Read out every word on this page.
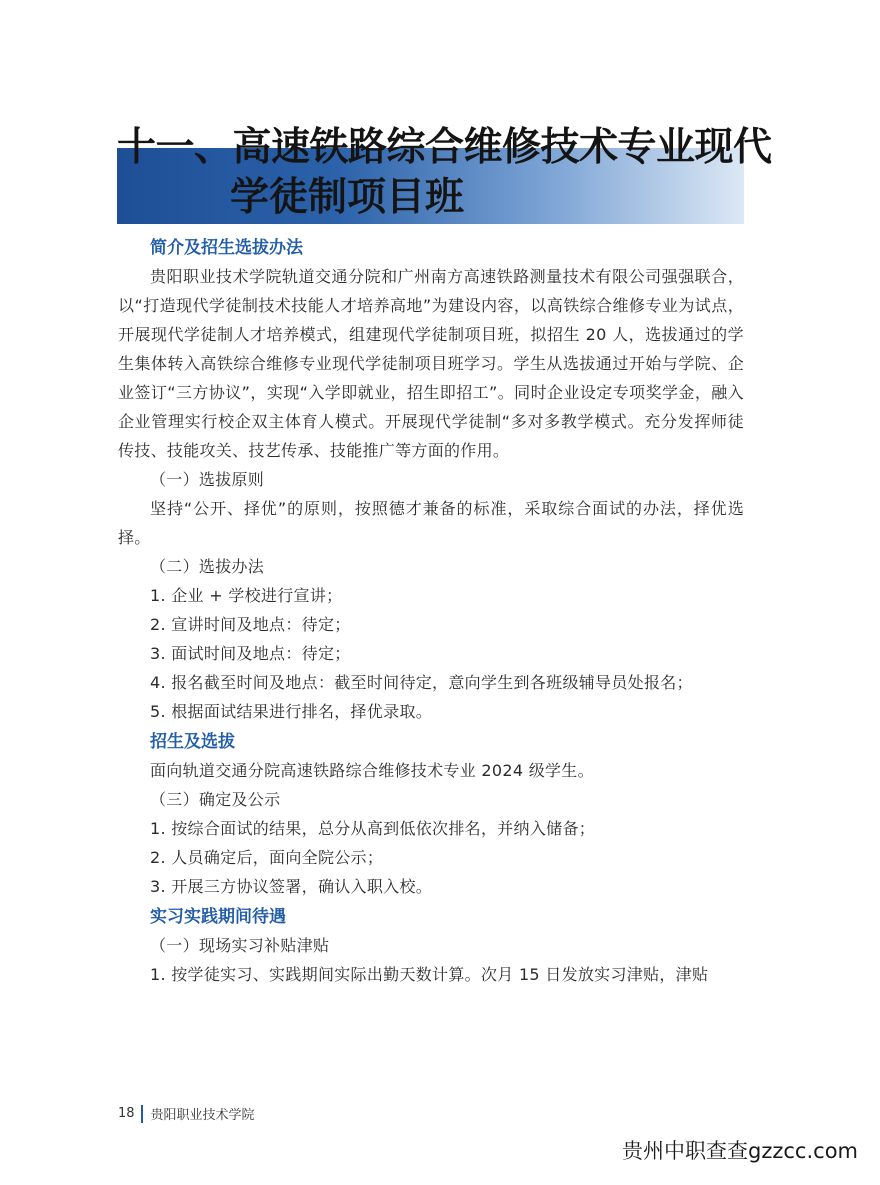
十一、高速铁路综合维修技术专业现代
学徒制项目班
简介及招生选拔办法

贵阳职业技术学院轨道交通分院和广州南方高速铁路测量技术有限公司强强联合，以“打造现代学徒制技术技能人才培养高地”为建设内容，以高铁综合维修专业为试点，开展现代学徒制人才培养模式，组建现代学徒制项目班，拟招生 20 人，选拔通过的学生集体转入高铁综合维修专业现代学徒制项目班学习。学生从选拔通过开始与学院、企业签订“三方协议”，实现“入学即就业，招生即招工”。同时企业设定专项奖学金，融入企业管理实行校企双主体育人模式。开展现代学徒制“多对多教学模式。充分发挥师徒传技、技能攻关、技艺传承、技能推广等方面的作用。

（一）选拔原则

坚持“公开、择优”的原则，按照德才兼备的标准，采取综合面试的办法，择优选择。

（二）选拔办法
1. 企业 + 学校进行宣讲；
2. 宣讲时间及地点：待定；
3. 面试时间及地点：待定；
4. 报名截至时间及地点：截至时间待定，意向学生到各班级辅导员处报名；
5. 根据面试结果进行排名，择优录取。
招生及选拔
面向轨道交通分院高速铁路综合维修技术专业 2024 级学生。
（三）确定及公示
1. 按综合面试的结果，总分从高到低依次排名，并纳入储备；
2. 人员确定后，面向全院公示；
3. 开展三方协议签署，确认入职入校。
实习实践期间待遇
（一）现场实习补贴津贴
1. 按学徒实习、实践期间实际出勤天数计算。次月 15 日发放实习津贴，津贴
18 贵阳职业技术学院
贵州中职查查gzzcc.com
